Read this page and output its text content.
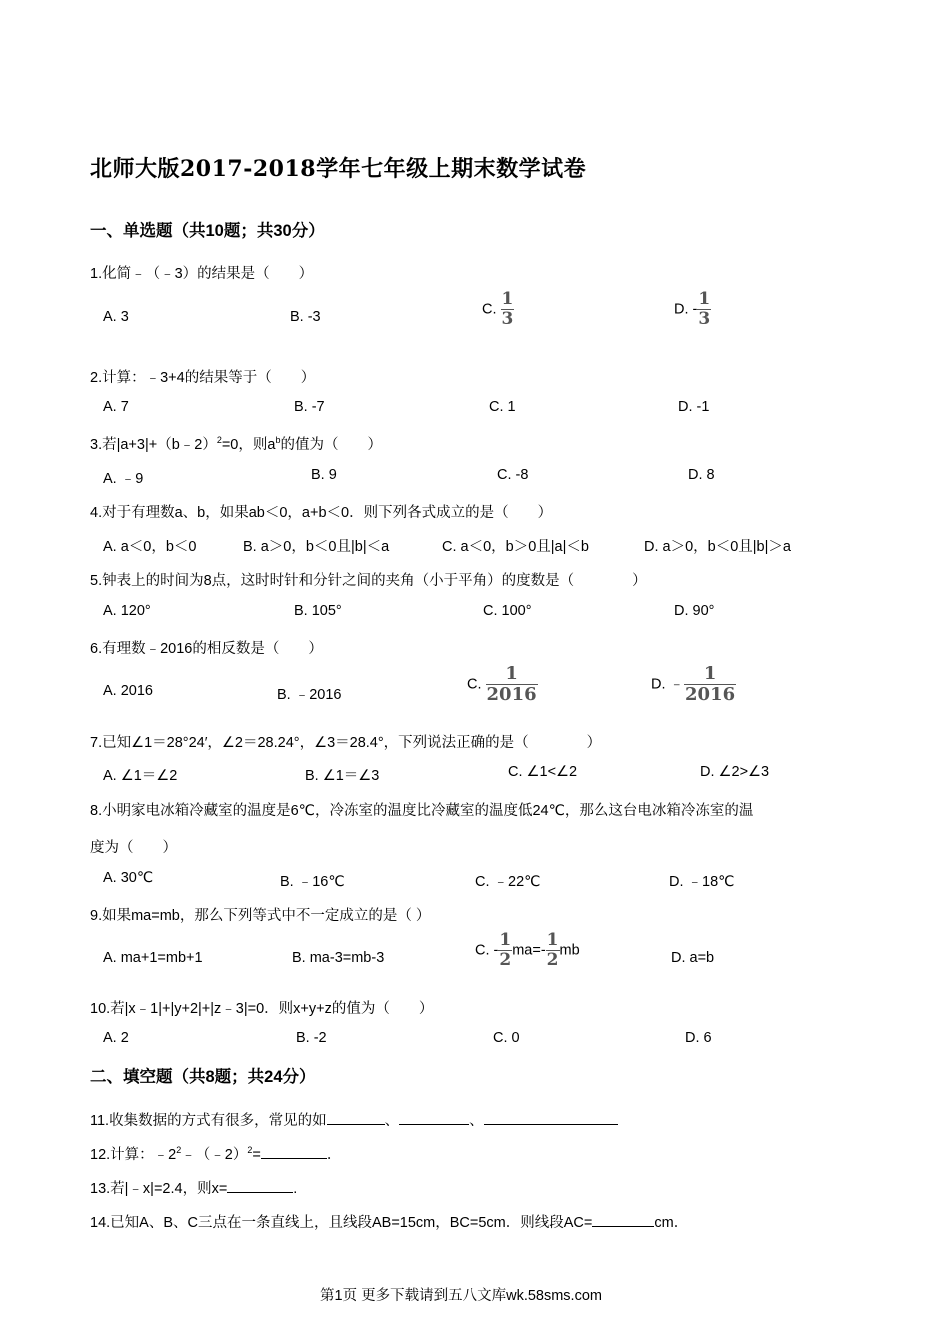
北师大版2017-2018学年七年级上期末数学试卷
一、单选题（共10题；共30分）
1.化简﹣（﹣3）的结果是（　　）
A. 3	B. -3	C. $\frac{1}{3}$	D. - $\frac{1}{3}$
2.计算：﹣3+4的结果等于（　　）
A. 7	B. -7	C. 1	D. -1
3.若|a+3|+（b﹣2）$^2$=0，则$a^b$的值为（　　）
A. ﹣9	B. 9	C. -8	D. 8
4.对于有理数a、b，如果ab＜0，a+b＜0．则下列各式成立的是（　　）
A. a＜0，b＜0	B. a＞0，b＜0且|b|＜a	C. a＜0，b＞0且|a|＜b	D. a＞0，b＜0且|b|＞a
5.钟表上的时间为8点，这时时针和分针之间的夹角（小于平角）的度数是（　　　　）
A. 120°	B. 105°	C. 100°	D. 90°
6.有理数﹣2016的相反数是（　　）
A. 2016	B. ﹣2016
C. $\frac{1}{2016}$	D. ﹣ $\frac{1}{2016}$
7.已知∠1＝28°24′，∠2＝28.24°，∠3＝28.4°，下列说法正确的是（　　　　）
A. ∠1＝∠2	B. ∠1＝∠3	C. ∠1<∠2	D. ∠2>∠3
8.小明家电冰箱冷藏室的温度是6℃，冷冻室的温度比冷藏室的温度低24℃，那么这台电冰箱冷冻室的温
度为（　　）
A. 30℃	B. ﹣16℃	C. ﹣22℃	D. ﹣18℃
9.如果ma=mb，那么下列等式中不一定成立的是（ ）
A. ma+1=mb+1	B. ma-3=mb-3	C. - $\frac{1}{2} ma=- \frac{1}{2}$ mb	D. a=b
10.若|x﹣1|+|y+2|+|z﹣3|=0．则x+y+z的值为（　　）
A. 2	B. -2	C. 0	D. 6
二、填空题（共8题；共24分）
11.收集数据的方式有很多，常见的如	、	、
12.计算：$﹣2^2﹣(﹣2)^2=$	．
13.若|﹣x|=2.4，则x=	.
14.已知A、B、C三点在一条直线上，且线段AB=15cm，BC=5cm．则线段AC=	cm．
第1页 更多下载请到五八文库wk.58sms.com
